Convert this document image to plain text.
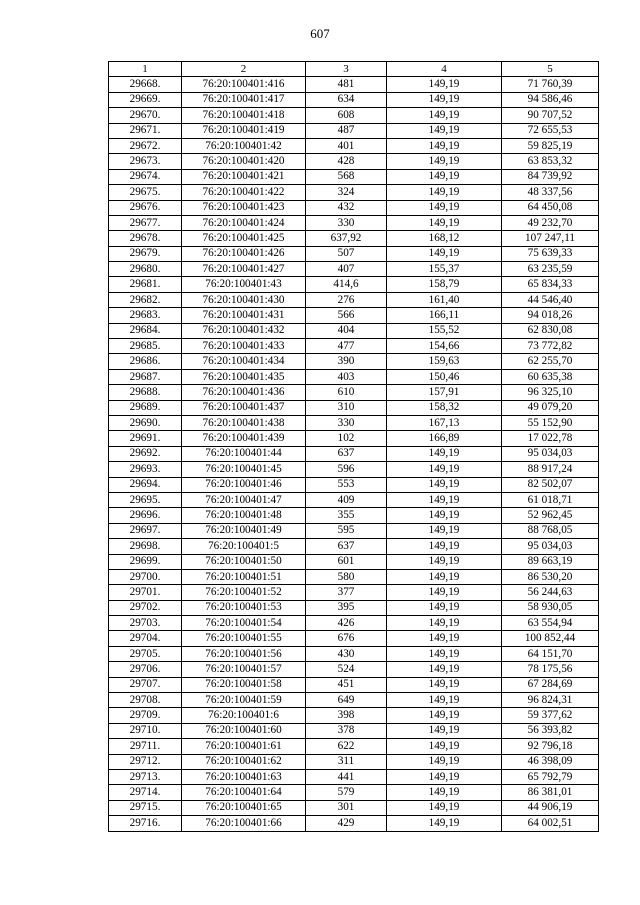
607
1	2	3	4	5
29668.	76:20:100401:416	481	149,19	71 760,39
29669.	76:20:100401:417	634	149,19	94 586,46
29670.	76:20:100401:418	608	149,19	90 707,52
29671.	76:20:100401:419	487	149,19	72 655,53
29672.	76:20:100401:42	401	149,19	59 825,19
29673.	76:20:100401:420	428	149,19	63 853,32
29674.	76:20:100401:421	568	149,19	84 739,92
29675.	76:20:100401:422	324	149,19	48 337,56
29676.	76:20:100401:423	432	149,19	64 450,08
29677.	76:20:100401:424	330	149,19	49 232,70
29678.	76:20:100401:425	637,92	168,12	107 247,11
29679.	76:20:100401:426	507	149,19	75 639,33
29680.	76:20:100401:427	407	155,37	63 235,59
29681.	76:20:100401:43	414,6	158,79	65 834,33
29682.	76:20:100401:430	276	161,40	44 546,40
29683.	76:20:100401:431	566	166,11	94 018,26
29684.	76:20:100401:432	404	155,52	62 830,08
29685.	76:20:100401:433	477	154,66	73 772,82
29686.	76:20:100401:434	390	159,63	62 255,70
29687.	76:20:100401:435	403	150,46	60 635,38
29688.	76:20:100401:436	610	157,91	96 325,10
29689.	76:20:100401:437	310	158,32	49 079,20
29690.	76:20:100401:438	330	167,13	55 152,90
29691.	76:20:100401:439	102	166,89	17 022,78
29692.	76:20:100401:44	637	149,19	95 034,03
29693.	76:20:100401:45	596	149,19	88 917,24
29694.	76:20:100401:46	553	149,19	82 502,07
29695.	76:20:100401:47	409	149,19	61 018,71
29696.	76:20:100401:48	355	149,19	52 962,45
29697.	76:20:100401:49	595	149,19	88 768,05
29698.	76:20:100401:5	637	149,19	95 034,03
29699.	76:20:100401:50	601	149,19	89 663,19
29700.	76:20:100401:51	580	149,19	86 530,20
29701.	76:20:100401:52	377	149,19	56 244,63
29702.	76:20:100401:53	395	149,19	58 930,05
29703.	76:20:100401:54	426	149,19	63 554,94
29704.	76:20:100401:55	676	149,19	100 852,44
29705.	76:20:100401:56	430	149,19	64 151,70
29706.	76:20:100401:57	524	149,19	78 175,56
29707.	76:20:100401:58	451	149,19	67 284,69
29708.	76:20:100401:59	649	149,19	96 824,31
29709.	76:20:100401:6	398	149,19	59 377,62
29710.	76:20:100401:60	378	149,19	56 393,82
29711.	76:20:100401:61	622	149,19	92 796,18
29712.	76:20:100401:62	311	149,19	46 398,09
29713.	76:20:100401:63	441	149,19	65 792,79
29714.	76:20:100401:64	579	149,19	86 381,01
29715.	76:20:100401:65	301	149,19	44 906,19
29716.	76:20:100401:66	429	149,19	64 002,51
